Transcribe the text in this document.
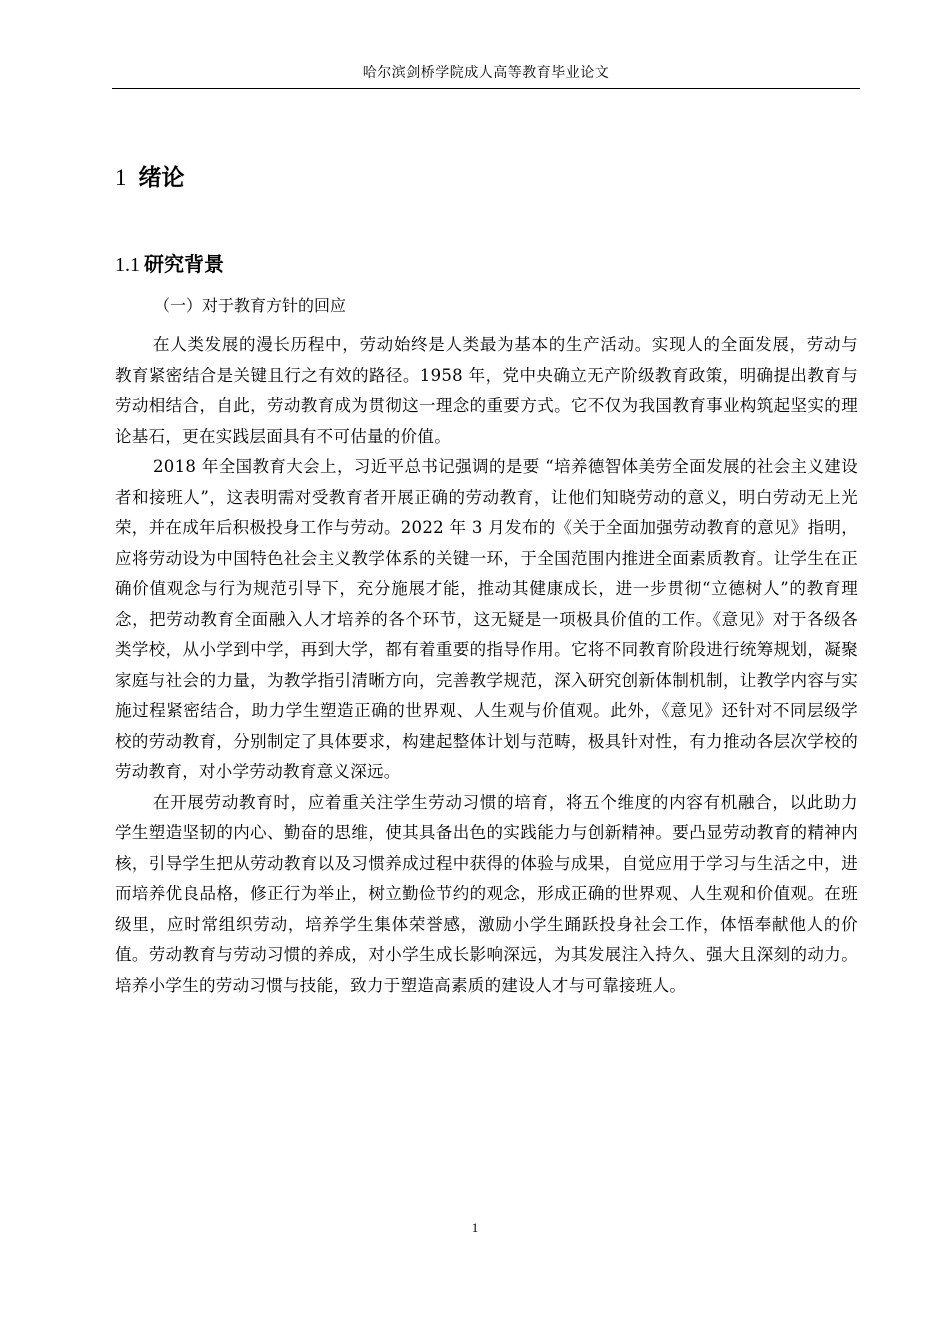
哈尔滨剑桥学院成人高等教育毕业论文
1 绪论
1.1 研究背景
（一）对于教育方针的回应

在人类发展的漫长历程中，劳动始终是人类最为基本的生产活动。实现人的全面发展，劳动与教育紧密结合是关键且行之有效的路径。1958 年，党中央确立无产阶级教育政策，明确提出教育与劳动相结合，自此，劳动教育成为贯彻这一理念的重要方式。它不仅为我国教育事业构筑起坚实的理论基石，更在实践层面具有不可估量的价值。

2018 年全国教育大会上，习近平总书记强调的是要 “培养德智体美劳全面发展的社会主义建设者和接班人”，这表明需对受教育者开展正确的劳动教育，让他们知晓劳动的意义，明白劳动无上光荣，并在成年后积极投身工作与劳动。2022 年 3 月发布的《关于全面加强劳动教育的意见》指明，应将劳动设为中国特色社会主义教学体系的关键一环，于全国范围内推进全面素质教育。让学生在正确价值观念与行为规范引导下，充分施展才能，推动其健康成长，进一步贯彻“立德树人”的教育理念，把劳动教育全面融入人才培养的各个环节，这无疑是一项极具价值的工作。《意见》对于各级各类学校，从小学到中学，再到大学，都有着重要的指导作用。它将不同教育阶段进行统筹规划，凝聚家庭与社会的力量，为教学指引清晰方向，完善教学规范，深入研究创新体制机制，让教学内容与实施过程紧密结合，助力学生塑造正确的世界观、人生观与价值观。此外，《意见》还针对不同层级学校的劳动教育，分别制定了具体要求，构建起整体计划与范畴，极具针对性，有力推动各层次学校的劳动教育，对小学劳动教育意义深远。

在开展劳动教育时，应着重关注学生劳动习惯的培育，将五个维度的内容有机融合，以此助力学生塑造坚韧的内心、勤奋的思维，使其具备出色的实践能力与创新精神。要凸显劳动教育的精神内核，引导学生把从劳动教育以及习惯养成过程中获得的体验与成果，自觉应用于学习与生活之中，进而培养优良品格，修正行为举止，树立勤俭节约的观念，形成正确的世界观、人生观和价值观。在班级里，应时常组织劳动，培养学生集体荣誉感，激励小学生踊跃投身社会工作，体悟奉献他人的价值。劳动教育与劳动习惯的养成，对小学生成长影响深远，为其发展注入持久、强大且深刻的动力。培养小学生的劳动习惯与技能，致力于塑造高素质的建设人才与可靠接班人。

1
